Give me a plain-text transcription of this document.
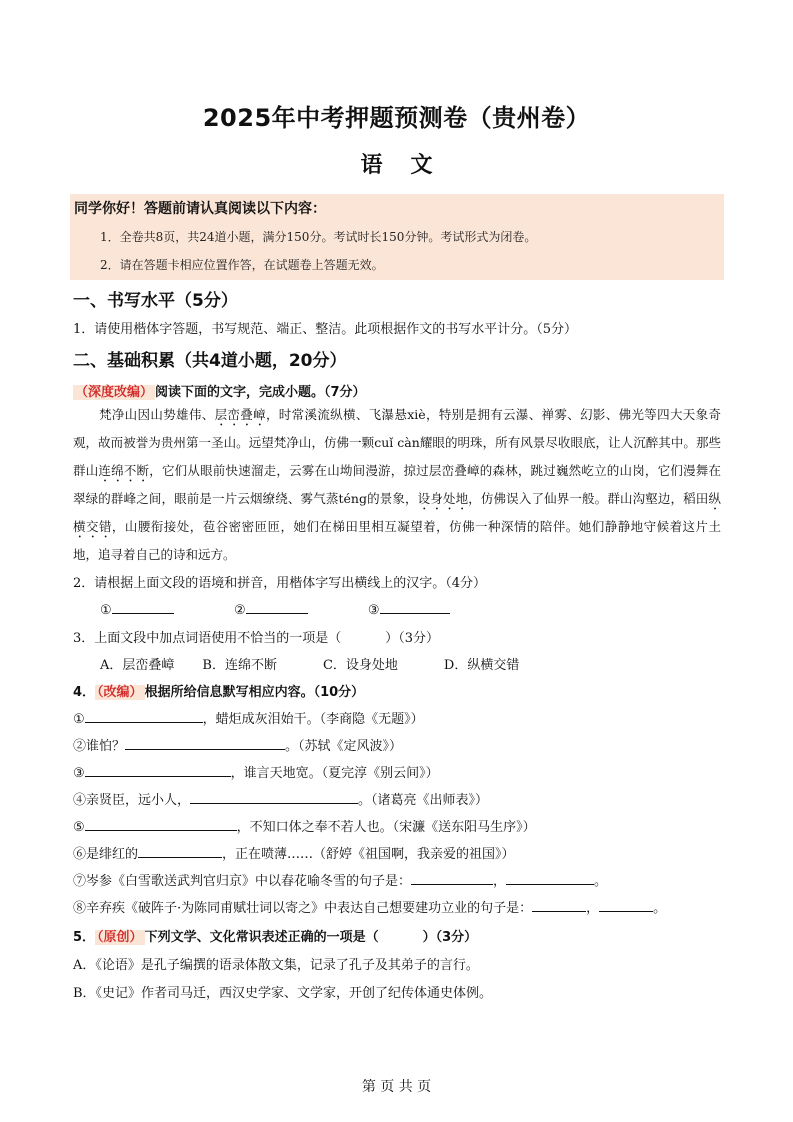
2025年中考押题预测卷（贵州卷）
语文
同学你好！答题前请认真阅读以下内容：
1．全卷共8页，共24道小题，满分150分。考试时长150分钟。考试形式为闭卷。
2．请在答题卡相应位置作答，在试题卷上答题无效。
一、书写水平（5分）
1．请使用楷体字答题，书写规范、端正、整洁。此项根据作文的书写水平计分。（5分）
二、基础积累（共4道小题，20分）
（深度改编） 阅读下面的文字，完成小题。（7分）
梵净山因山势雄伟、层峦叠嶂，时常溪流纵横、飞瀑悬xiè，特别是拥有云瀑、禅雾、幻影、佛光等四大天象奇观，故而被誉为贵州第一圣山。远望梵净山，仿佛一颗cuǐ càn耀眼的明珠，所有风景尽收眼底，让人沉醉其中。那些群山连绵不断，它们从眼前快速溜走，云雾在山坳间漫游，掠过层峦叠嶂的森林，跳过巍然屹立的山岗，它们漫舞在翠绿的群峰之间，眼前是一片云烟缭绕、雾气蒸téng的景象，设身处地，仿佛误入了仙界一般。群山沟壑边，稻田纵横交错，山腰衔接处，苞谷密密匝匝，她们在梯田里相互凝望着，仿佛一种深情的陪伴。她们静静地守候着这片土地，追寻着自己的诗和远方。
2．请根据上面文段的语境和拼音，用楷体字写出横线上的汉字。（4分）
①	②	③
3．上面文段中加点词语使用不恰当的一项是（	）（3分）
A．层峦叠嶂 B．连绵不断	C．设身处地	D．纵横交错
4． （改编） 根据所给信息默写相应内容。（10分）
①	，蜡炬成灰泪始干。（李商隐《无题》）
②谁怕？	。（苏轼《定风波》）
③	，谁言天地宽。（夏完淳《别云间》）
④亲贤臣，远小人，	。（诸葛亮《出师表》）
⑤	，不知口体之奉不若人也。（宋濂《送东阳马生序》）
⑥是绯红的	，正在喷薄……（舒婷《祖国啊，我亲爱的祖国》）
⑦岑参《白雪歌送武判官归京》中以春花喻冬雪的句子是：	，	。
⑧辛弃疾《破阵子·为陈同甫赋壮词以寄之》中表达自己想要建功立业的句子是：	，	。
5． （原创） 下列文学、文化常识表述正确的一项是（	）（3分）
A．《论语》是孔子编撰的语录体散文集，记录了孔子及其弟子的言行。
B．《史记》作者司马迁，西汉史学家、文学家，开创了纪传体通史体例。
第 页 共 页
